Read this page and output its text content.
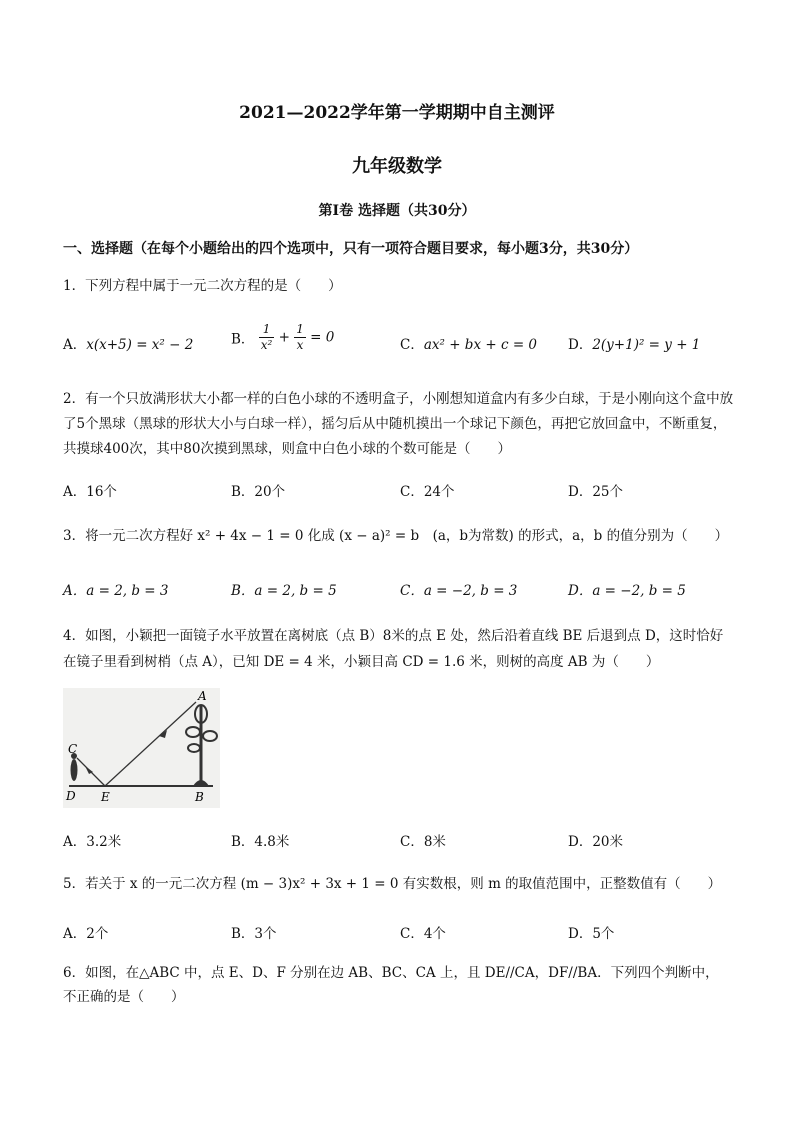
2021—2022学年第一学期期中自主测评
九年级数学
第Ⅰ卷 选择题（共30分）
一、选择题（在每个小题给出的四个选项中，只有一项符合题目要求，每小题3分，共30分）
1．下列方程中属于一元二次方程的是（　　）
A．x(x+5) = x² − 2	B． $\frac{1}{\text{x²}} + \frac{1}{x} = 0$	C．ax² + bx + c = 0 D．2(y+1)² = y + 1
2．有一个只放满形状大小都一样的白色小球的不透明盒子，小刚想知道盒内有多少白球，于是小刚向这个盒中放了5个黑球（黑球的形状大小与白球一样），摇匀后从中随机摸出一个球记下颜色，再把它放回盒中，不断重复，共摸球400次，其中80次摸到黑球，则盒中白色小球的个数可能是（　　）
A．16个	B．20个	C．24个	D．25个
3．将一元二次方程好 x² + 4x − 1 = 0 化成 (x − a)² = b　(a，b为常数) 的形式，a，b 的值分别为（　　）
A．a = 2, b = 3	B．a = 2, b = 5	C．a = −2, b = 3	D．a = −2, b = 5
4．如图，小颖把一面镜子水平放置在离树底（点 B）8米的点 E 处，然后沿着直线 BE 后退到点 D，这时恰好
在镜子里看到树梢（点 A），已知 DE = 4 米，小颖目高 CD = 1.6 米，则树的高度 AB 为（　　）
C
D E	B
A
A．3.2米	B．4.8米	C．8米	D．20米
5．若关于 x 的一元二次方程 (m − 3)x² + 3x + 1 = 0 有实数根，则 m 的取值范围中，正整数值有（　　）
A．2个	B．3个	C．4个	D．5个
6．如图，在△ABC 中，点 E、D、F 分别在边 AB、BC、CA 上，且 DE//CA，DF//BA．下列四个判断中，
不正确的是（　　）
